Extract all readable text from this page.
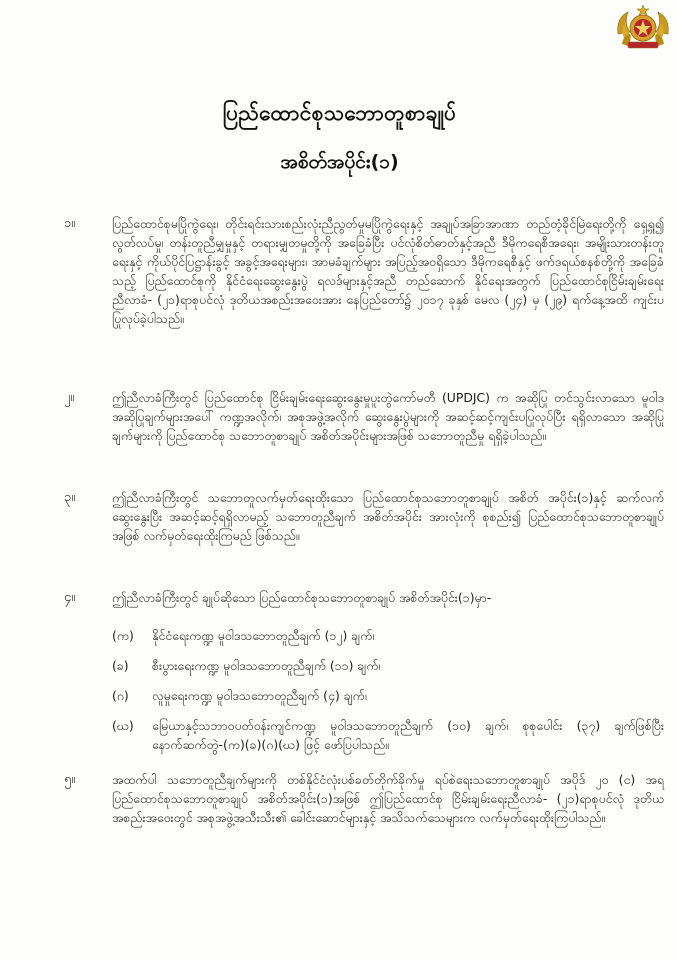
ပြည်ထောင်စုသဘောတူစာချုပ်
အစိတ်အပိုင်း(၁)
၁။	ပြည်ထောင်စုမပြိုကွဲရေး၊ တိုင်းရင်းသားစည်းလုံးညီညွတ်မှုမပြိုကွဲရေးနှင့် အချုပ်အခြာအာဏာ တည်တံ့ခိုင်မြဲရေးတို့ကို ရှေ့ရှု၍ လွတ်လပ်မှု၊ တန်းတူညီမျှမှုနှင့် တရားမျှတမှုတို့ကို အခြေခံပြီး ပင်လုံစိတ်ဓာတ်နှင့်အညီ ဒီမိုကရေစီအရေး၊ အမျိုးသားတန်းတူရေးနှင့် ကိုယ်ပိုင်ပြဋ္ဌာန်းခွင့် အခွင့်အရေးများ၊ အာမခံချက်များ အပြည့်အဝရှိသော ဒီမိုကရေစီနှင့် ဖက်ဒရယ်စနစ်တို့ကို အခြေခံသည့် ပြည်ထောင်စုကို နိုင်ငံရေးဆွေးနွေးပွဲ ရလဒ်များနှင့်အညီ တည်ဆောက် နိုင်ရေးအတွက် ပြည်ထောင်စုငြိမ်းချမ်းရေးညီလာခံ- (၂၁)ရာစုပင်လုံ ဒုတိယအစည်းအဝေးအား နေပြည်တော်၌ ၂၀၁၇ ခုနှစ် မေလ (၂၄) မှ (၂၉) ရက်နေ့အထိ ကျင်းပပြုလုပ်ခဲ့ပါသည်။
၂။	ဤညီလာခံကြီးတွင် ပြည်ထောင်စု ငြိမ်းချမ်းရေးဆွေးနွေးမှုပူးတွဲကော်မတီ (UPDJC) က အဆိုပြု တင်သွင်းလာသော မူဝါဒ အဆိုပြုချက်များအပေါ် ကဏ္ဍအလိုက်၊ အစုအဖွဲ့အလိုက် ဆွေးနွေးပွဲများကို အဆင့်ဆင့်ကျင်းပပြုလုပ်ပြီး ရရှိလာသော အဆိုပြုချက်များကို ပြည်ထောင်စု သဘောတူစာချုပ် အစိတ်အပိုင်းများအဖြစ် သဘောတူညီမှု ရရှိခဲ့ပါသည်။
၃။	ဤညီလာခံကြီးတွင် သဘောတူလက်မှတ်ရေးထိုးသော ပြည်ထောင်စုသဘောတူစာချုပ် အစိတ် အပိုင်း(၁)နှင့် ဆက်လက်ဆွေးနွေးပြီး အဆင့်ဆင့်ရရှိလာမည့် သဘောတူညီချက် အစိတ်အပိုင်း အားလုံးကို စုစည်း၍ ပြည်ထောင်စုသဘောတူစာချုပ်အဖြစ် လက်မှတ်ရေးထိုးကြမည် ဖြစ်သည်။
၄။	ဤညီလာခံကြီးတွင် ချုပ်ဆိုသော ပြည်ထောင်စုသဘောတူစာချုပ် အစိတ်အပိုင်း(၁)မှာ-
(က)	နိုင်ငံရေးကဏ္ဍ မူဝါဒသဘောတူညီချက် (၁၂) ချက်၊
(ခ)	စီးပွားရေးကဏ္ဍ မူဝါဒသဘောတူညီချက် (၁၁) ချက်၊
(ဂ)	လူမှုရေးကဏ္ဍ မူဝါဒသဘောတူညီချက် (၄) ချက်၊
(ဃ)	မြေယာနှင့်သဘာဝပတ်ဝန်းကျင်ကဏ္ဍ မူဝါဒသဘောတူညီချက် (၁၀) ချက်၊ စုစုပေါင်း (၃၇) ချက်ဖြစ်ပြီး နောက်ဆက်တွဲ-(က)(ခ)(ဂ)(ဃ) ဖြင့် ဖော်ပြပါသည်။
၅။	အထက်ပါ သဘောတူညီချက်များကို တစ်နိုင်ငံလုံးပစ်ခတ်တိုက်ခိုက်မှု ရပ်စဲရေးသဘောတူစာချုပ် အပိုဒ် ၂၀ (င) အရ ပြည်ထောင်စုသဘောတူစာချုပ် အစိတ်အပိုင်း(၁)အဖြစ် ဤပြည်ထောင်စု ငြိမ်းချမ်းရေးညီလာခံ- (၂၁)ရာစုပင်လုံ ဒုတိယအစည်းအဝေးတွင် အစုအဖွဲ့အသီးသီး၏ ခေါင်းဆောင်များနှင့် အသိသက်သေများက လက်မှတ်ရေးထိုးကြပါသည်။
